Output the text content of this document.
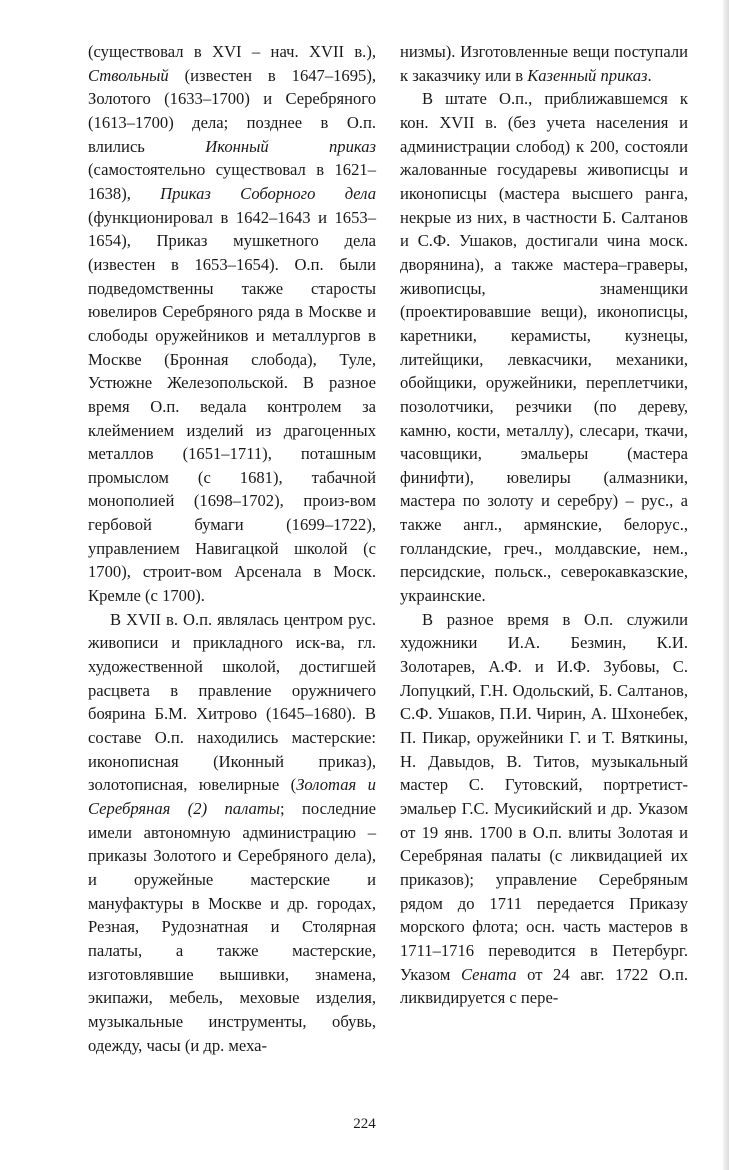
(существовал в XVI – нач. XVII в.), Ствольный (известен в 1647–1695), Золотого (1633–1700) и Серебряного (1613–1700) дела; позднее в О.п. влились Иконный приказ (самостоятельно существовал в 1621–1638), Приказ Соборного дела (функционировал в 1642–1643 и 1653–1654), Приказ мушкетного дела (известен в 1653–1654). О.п. были подведомственны также старосты ювелиров Серебряного ряда в Москве и слободы оружейников и металлургов в Москве (Бронная слобода), Туле, Устюжне Железопольской. В разное время О.п. ведала контролем за клеймением изделий из драгоценных металлов (1651–1711), поташным промыслом (с 1681), табачной монополией (1698–1702), произ-вом гербовой бумаги (1699–1722), управлением Навигацкой школой (с 1700), строит-вом Арсенала в Моск. Кремле (с 1700).

В XVII в. О.п. являлась центром рус. живописи и прикладного иск-ва, гл. художественной школой, достигшей расцвета в правление оружничего боярина Б.М. Хитрово (1645–1680). В составе О.п. находились мастерские: иконописная (Иконный приказ), золотописная, ювелирные (Золотая и Серебряная (2) палаты; последние имели автономную администрацию – приказы Золотого и Серебряного дела), и оружейные мастерские и мануфактуры в Москве и др. городах, Резная, Рудознатная и Столярная палаты, а также мастерские, изготовлявшие вышивки, знамена, экипажи, мебель, меховые изделия, музыкальные инструменты, обувь, одежду, часы (и др. меха-

низмы). Изготовленные вещи поступали к заказчику или в Казенный приказ.

В штате О.п., приближавшемся к кон. XVII в. (без учета населения и администрации слобод) к 200, состояли жалованные государевы живописцы и иконописцы (мастера высшего ранга, некрые из них, в частности Б. Салтанов и С.Ф. Ушаков, достигали чина моск. дворянина), а также мастера–граверы, живописцы, знаменщики (проектировавшие вещи), иконописцы, каретники, керамисты, кузнецы, литейщики, левкасчики, механики, обойщики, оружейники, переплетчики, позолотчики, резчики (по дереву, камню, кости, металлу), слесари, ткачи, часовщики, эмальеры (мастера финифти), ювелиры (алмазники, мастера по золоту и серебру) – рус., а также англ., армянские, белорус., голландские, греч., молдавские, нем., персидские, польск., северокавказские, украинские.

В разное время в О.п. служили художники И.А. Безмин, К.И. Золотарев, А.Ф. и И.Ф. Зубовы, С. Лопуцкий, Г.Н. Одольский, Б. Салтанов, С.Ф. Ушаков, П.И. Чирин, А. Шхонебек, П. Пикар, оружейники Г. и Т. Вяткины, Н. Давыдов, В. Титов, музыкальный мастер С. Гутовский, портретист-эмальер Г.С. Мусикийский и др. Указом от 19 янв. 1700 в О.п. влиты Золотая и Серебряная палаты (с ликвидацией их приказов); управление Серебряным рядом до 1711 передается Приказу морского флота; осн. часть мастеров в 1711–1716 переводится в Петербург. Указом Сената от 24 авг. 1722 О.п. ликвидируется с пере-

224
